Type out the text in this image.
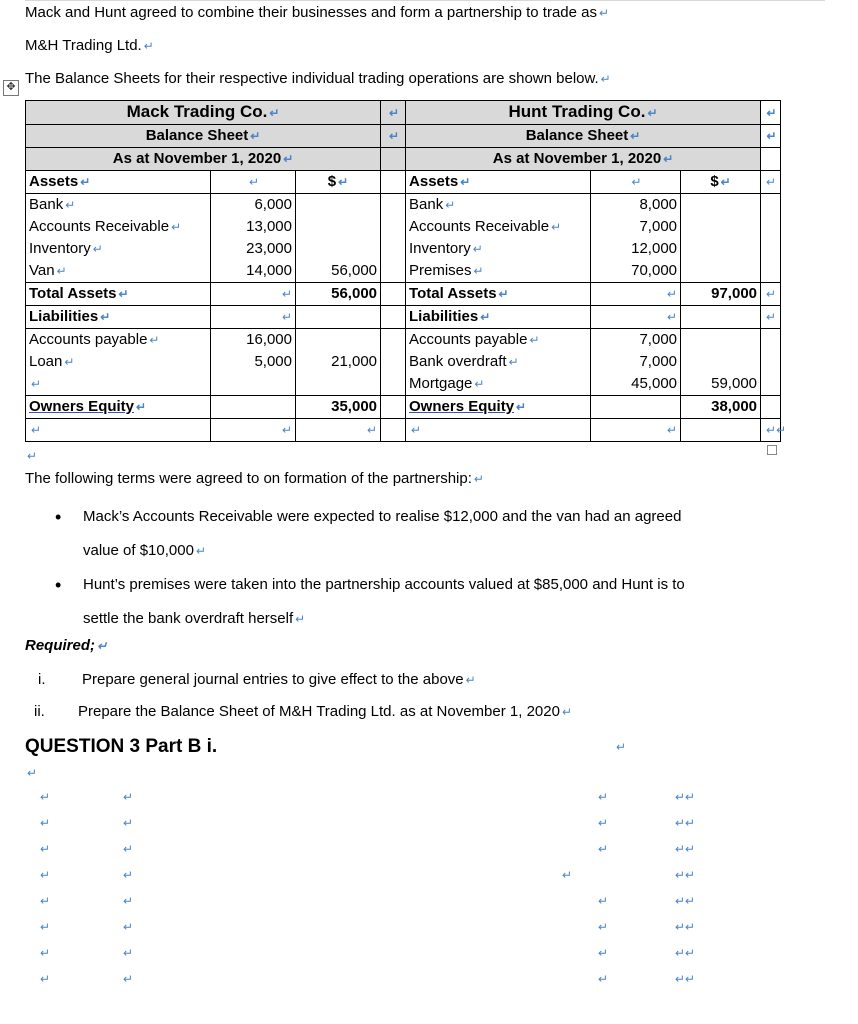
Mack and Hunt agreed to combine their businesses and form a partnership to trade as ↵
M&H Trading Ltd. ↵
The Balance Sheets for their respective individual trading operations are shown below. ↵
✥
Mack Trading Co. ↵			↵	Hunt Trading Co. ↵			↵
Balance Sheet ↵			↵	Balance Sheet ↵			↵
As at November 1, 2020 ↵				As at November 1, 2020 ↵			
Assets ↵	↵	$ ↵		Assets ↵	↵	$ ↵	↵
Bank ↵	6,000			Bank ↵	8,000		
Accounts Receivable ↵	13,000			Accounts Receivable ↵	7,000		
Inventory ↵	23,000			Inventory ↵	12,000		
Van ↵	14,000	56,000		Premises ↵	70,000		
Total Assets ↵	↵	56,000		Total Assets ↵	↵	97,000	↵
Liabilities ↵	↵			Liabilities ↵	↵		↵
Accounts payable ↵	16,000			Accounts payable ↵	7,000		
Loan ↵	5,000	21,000		Bank overdraft ↵	7,000		
↵				Mortgage ↵	45,000	59,000	
Owners Equity ↵		35,000		Owners Equity ↵		38,000	
↵	↵	↵		↵	↵		↵↵
↵
The following terms were agreed to on formation of the partnership: ↵
• Mack’s Accounts Receivable were expected to realise $12,000 and the van had an agreed
value of $10,000 ↵
• Hunt’s premises were taken into the partnership accounts valued at $85,000 and Hunt is to
settle the bank overdraft herself ↵
Required; ↵
i. Prepare general journal entries to give effect to the above ↵
ii. Prepare the Balance Sheet of M&H Trading Ltd. as at November 1, 2020 ↵
QUESTION 3 Part B i.	↵
↵
↵	↵	↵	↵↵
↵	↵	↵	↵↵
↵	↵	↵	↵↵
↵	↵	↵	↵↵
↵	↵	↵	↵↵
↵	↵	↵	↵↵
↵	↵	↵	↵↵
↵	↵	↵	↵↵
